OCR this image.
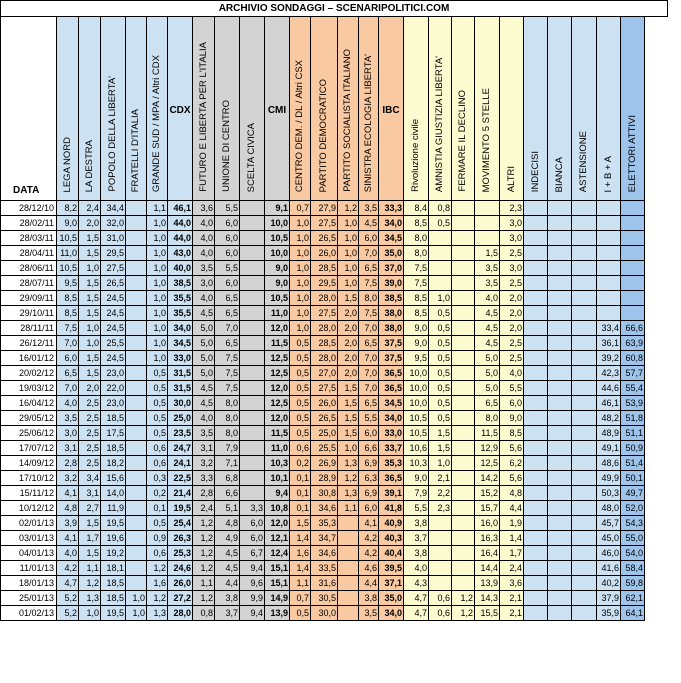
ARCHIVIO SONDAGGI – SCENARIPOLITICI.COM
DATA	LEGA NORD	LA DESTRA	POPOLO DELLA LIBERTA'	FRATELLI D'ITALIA	GRANDE SUD / MPA / Altri CDX	CDX	FUTURO E LIBERTA PER L'ITALIA	UNIONE DI CENTRO	SCELTA CIVICA	CMI	CENTRO DEM. / DL / Altri CSX	PARTITO DEMOCRATICO	PARTITO SOCIALISTA ITALIANO	SINISTRA ECOLOGIA LIBERTA'	IBC	Rivoluzione civile	AMNISTIA GIUSTIZIA LIBERTA'	FERMARE IL DECLINO	MOVIMENTO 5 STELLE	ALTRI	INDECISI	BIANCA	ASTENSIONE	I + B + A	ELETTORI ATTIVI

28/12/10	8,2	2,4	34,4		1,1	46,1	3,6	5,5		9,1	0,7	27,9	1,2	3,5	33,3	8,4	0,8			2,3					
28/02/11	9,0	2,0	32,0		1,0	44,0	4,0	6,0		10,0	1,0	27,5	1,0	4,5	34,0	8,5	0,5			3,0					
28/03/11	10,5	1,5	31,0		1,0	44,0	4,0	6,0		10,5	1,0	26,5	1,0	6,0	34,5	8,0				3,0					
28/04/11	11,0	1,5	29,5		1,0	43,0	4,0	6,0		10,0	1,0	26,0	1,0	7,0	35,0	8,0			1,5	2,5					
28/06/11	10,5	1,0	27,5		1,0	40,0	3,5	5,5		9,0	1,0	28,5	1,0	6,5	37,0	7,5			3,5	3,0					
28/07/11	9,5	1,5	26,5		1,0	38,5	3,0	6,0		9,0	1,0	29,5	1,0	7,5	39,0	7,5			3,5	2,5					
29/09/11	8,5	1,5	24,5		1,0	35,5	4,0	6,5		10,5	1,0	28,0	1,5	8,0	38,5	8,5	1,0		4,0	2,0					
29/10/11	8,5	1,5	24,5		1,0	35,5	4,5	6,5		11,0	1,0	27,5	2,0	7,5	38,0	8,5	0,5		4,5	2,0					
28/11/11	7,5	1,0	24,5		1,0	34,0	5,0	7,0		12,0	1,0	28,0	2,0	7,0	38,0	9,0	0,5		4,5	2,0				33,4	66,6
26/12/11	7,0	1,0	25,5		1,0	34,5	5,0	6,5		11,5	0,5	28,5	2,0	6,5	37,5	9,0	0,5		4,5	2,5				36,1	63,9
16/01/12	6,0	1,5	24,5		1,0	33,0	5,0	7,5		12,5	0,5	28,0	2,0	7,0	37,5	9,5	0,5		5,0	2,5				39,2	60,8
20/02/12	6,5	1,5	23,0		0,5	31,5	5,0	7,5		12,5	0,5	27,0	2,0	7,0	36,5	10,0	0,5		5,0	4,0				42,3	57,7
19/03/12	7,0	2,0	22,0		0,5	31,5	4,5	7,5		12,0	0,5	27,5	1,5	7,0	36,5	10,0	0,5		5,0	5,5				44,6	55,4
16/04/12	4,0	2,5	23,0		0,5	30,0	4,5	8,0		12,5	0,5	26,0	1,5	6,5	34,5	10,0	0,5		6,5	6,0				46,1	53,9
29/05/12	3,5	2,5	18,5		0,5	25,0	4,0	8,0		12,0	0,5	26,5	1,5	5,5	34,0	10,5	0,5		8,0	9,0				48,2	51,8
25/06/12	3,0	2,5	17,5		0,5	23,5	3,5	8,0		11,5	0,5	25,0	1,5	6,0	33,0	10,5	1,5		11,5	8,5				48,9	51,1
17/07/12	3,1	2,5	18,5		0,6	24,7	3,1	7,9		11,0	0,6	25,5	1,0	6,6	33,7	10,6	1,5		12,9	5,6				49,1	50,9
14/09/12	2,8	2,5	18,2		0,6	24,1	3,2	7,1		10,3	0,2	26,9	1,3	6,9	35,3	10,3	1,0		12,5	6,2				48,6	51,4
17/10/12	3,2	3,4	15,6		0,3	22,5	3,3	6,8		10,1	0,1	28,9	1,2	6,3	36,5	9,0	2,1		14,2	5,6				49,9	50,1
15/11/12	4,1	3,1	14,0		0,2	21,4	2,8	6,6		9,4	0,1	30,8	1,3	6,9	39,1	7,9	2,2		15,2	4,8				50,3	49,7
10/12/12	4,8	2,7	11,9		0,1	19,5	2,4	5,1	3,3	10,8	0,1	34,6	1,1	6,0	41,8	5,5	2,3		15,7	4,4				48,0	52,0
02/01/13	3,9	1,5	19,5		0,5	25,4	1,2	4,8	6,0	12,0	1,5	35,3		4,1	40,9	3,8			16,0	1,9				45,7	54,3
03/01/13	4,1	1,7	19,6		0,9	26,3	1,2	4,9	6,0	12,1	1,4	34,7		4,2	40,3	3,7			16,3	1,4				45,0	55,0
04/01/13	4,0	1,5	19,2		0,6	25,3	1,2	4,5	6,7	12,4	1,6	34,6		4,2	40,4	3,8			16,4	1,7				46,0	54,0
11/01/13	4,2	1,1	18,1		1,2	24,6	1,2	4,5	9,4	15,1	1,4	33,5		4,6	39,5	4,0			14,4	2,4				41,6	58,4
18/01/13	4,7	1,2	18,5		1,6	26,0	1,1	4,4	9,6	15,1	1,1	31,6		4,4	37,1	4,3			13,9	3,6				40,2	59,8
25/01/13	5,2	1,3	18,5	1,0	1,2	27,2	1,2	3,8	9,9	14,9	0,7	30,5		3,8	35,0	4,7	0,6	1,2	14,3	2,1				37,9	62,1
01/02/13	5,2	1,0	19,5	1,0	1,3	28,0	0,8	3,7	9,4	13,9	0,5	30,0		3,5	34,0	4,7	0,6	1,2	15,5	2,1				35,9	64,1
